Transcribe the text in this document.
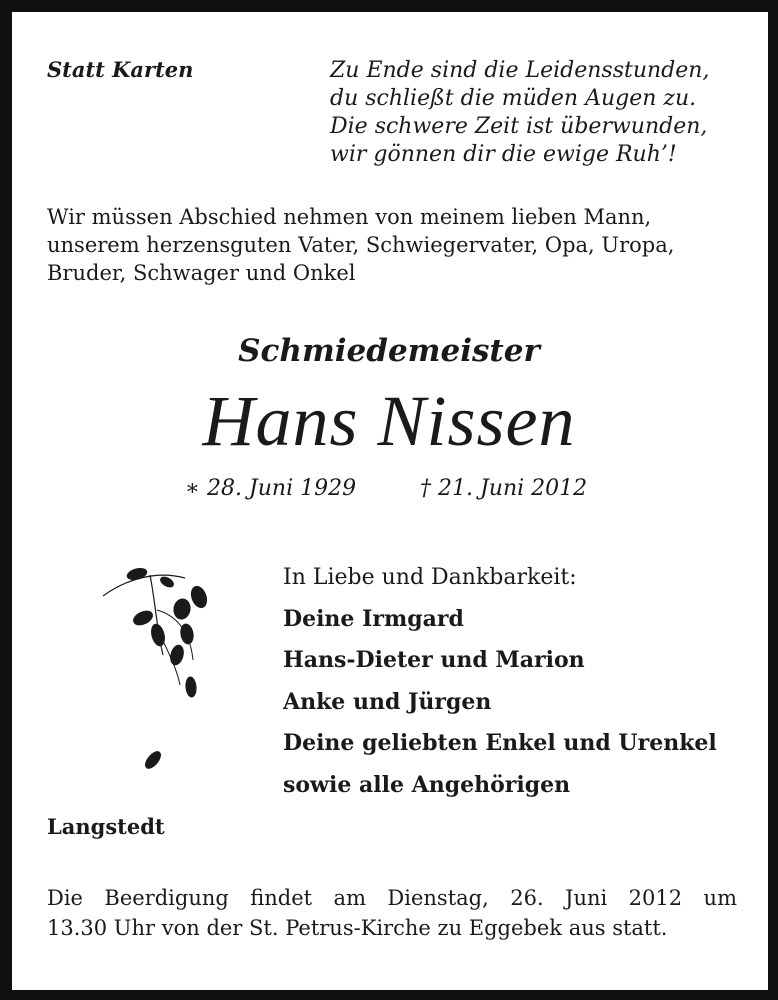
Statt Karten	Zu Ende sind die Leidensstunden,
du schließt die müden Augen zu.
Die schwere Zeit ist überwunden,
wir gönnen dir die ewige Ruh’!
Wir müssen Abschied nehmen von meinem lieben Mann,
unserem herzensguten Vater, Schwiegervater, Opa, Uropa,
Bruder, Schwager und Onkel
Schmiedemeister
Hans Nissen
∗ 28. Juni 1929	† 21. Juni 2012
In Liebe und Dankbarkeit:
Deine Irmgard
Hans-Dieter und Marion
Anke und Jürgen
Deine geliebten Enkel und Urenkel
sowie alle Angehörigen
Langstedt
Die Beerdigung findet am Dienstag, 26. Juni 2012 um
13.30 Uhr von der St. Petrus-Kirche zu Eggebek aus statt.
